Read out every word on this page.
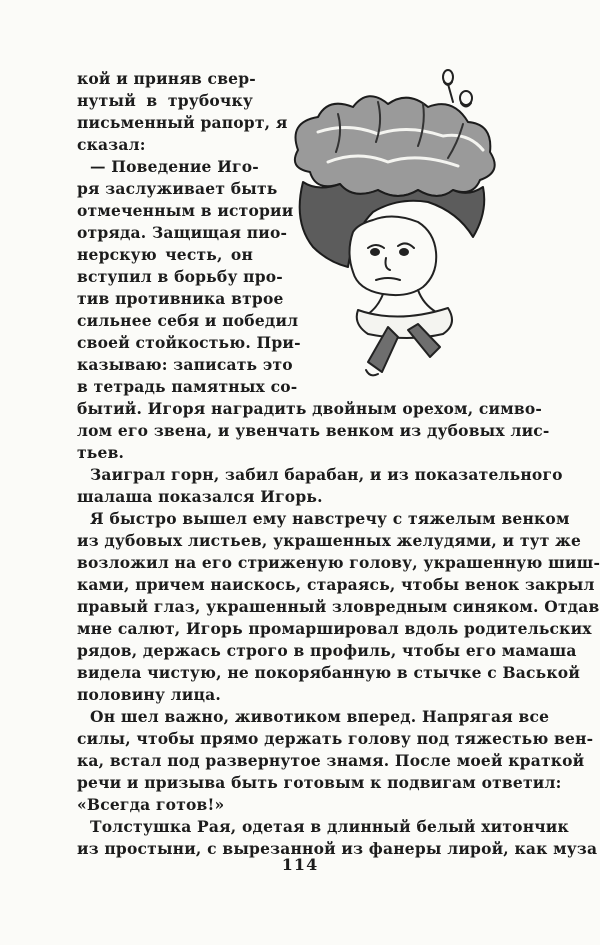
кой и приняв свер-
нутый в трубочку
письменный рапорт, я
сказал:
— Поведение Иго-
ря заслуживает быть
отмеченным в истории
отряда. Защищая пио-
нерскую честь, он
вступил в борьбу про-
тив противника втрое
сильнее себя и победил
своей стойкостью. При-
казываю: записать это
в тетрадь памятных со-
бытий. Игоря наградить двойным орехом, симво-
лом его звена, и увенчать венком из дубовых лис-
тьев.
Заиграл горн, забил барабан, и из показательного
шалаша показался Игорь.
Я быстро вышел ему навстречу с тяжелым венком
из дубовых листьев, украшенных желудями, и тут же
возложил на его стриженую голову, украшенную шиш-
ками, причем наискось, стараясь, чтобы венок закрыл
правый глаз, украшенный зловредным синяком. Отдав
мне салют, Игорь промаршировал вдоль родительских
рядов, держась строго в профиль, чтобы его мамаша
видела чистую, не покорябанную в стычке с Васькой
половину лица.
Он шел важно, животиком вперед. Напрягая все
силы, чтобы прямо держать голову под тяжестью вен-
ка, встал под развернутое знамя. После моей краткой
речи и призыва быть готовым к подвигам ответил:
«Всегда готов!»
Толстушка Рая, одетая в длинный белый хитончик
из простыни, с вырезанной из фанеры лирой, как муза
114
